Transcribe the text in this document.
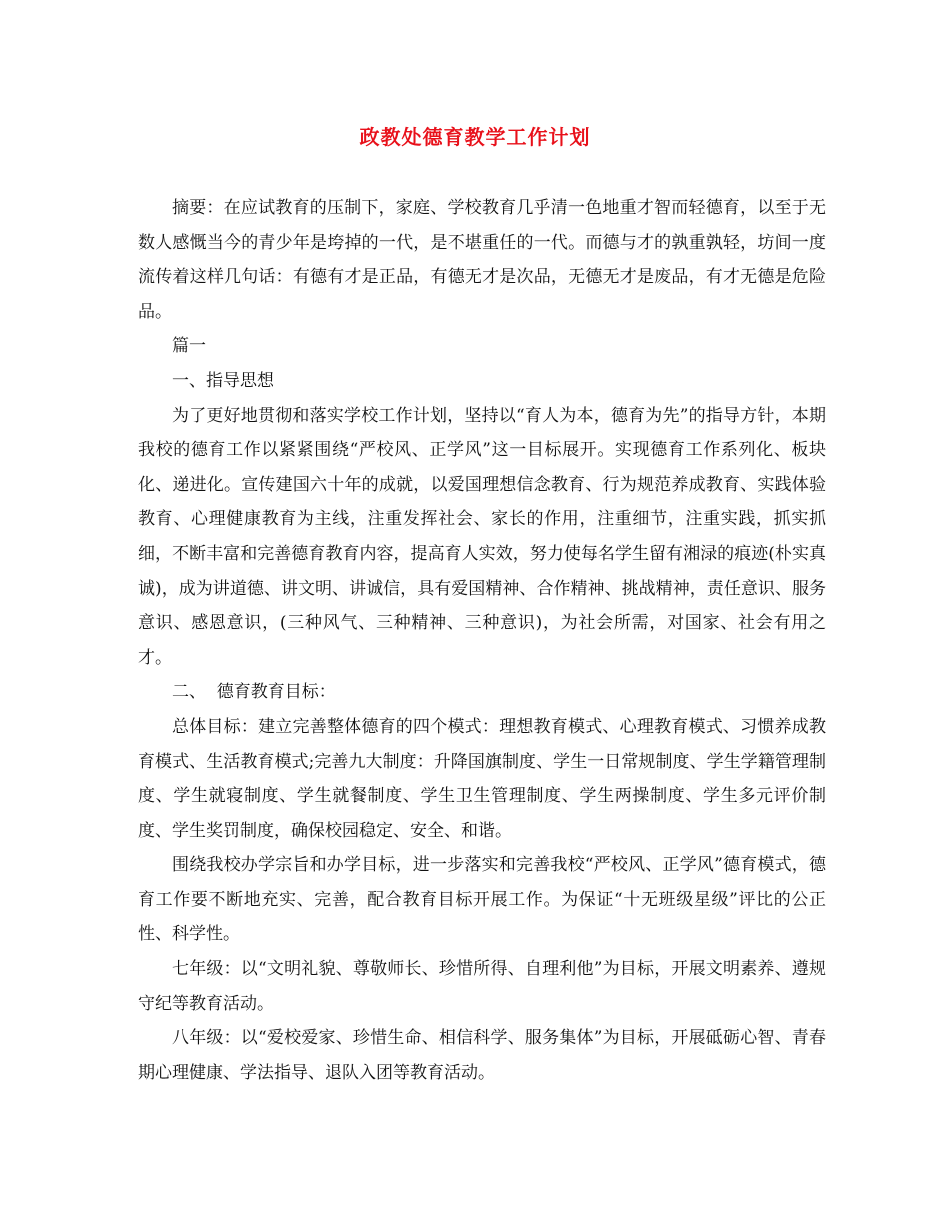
政教处德育教学工作计划

摘要：在应试教育的压制下，家庭、学校教育几乎清一色地重才智而轻德育，以至于无数人感慨当今的青少年是垮掉的一代，是不堪重任的一代。而德与才的孰重孰轻，坊间一度流传着这样几句话：有德有才是正品，有德无才是次品，无德无才是废品，有才无德是危险品。

篇一

一、指导思想

为了更好地贯彻和落实学校工作计划，坚持以“育人为本，德育为先”的指导方针，本期我校的德育工作以紧紧围绕“严校风、正学风”这一目标展开。实现德育工作系列化、板块化、递进化。宣传建国六十年的成就，以爱国理想信念教育、行为规范养成教育、实践体验教育、心理健康教育为主线，注重发挥社会、家长的作用，注重细节，注重实践，抓实抓细，不断丰富和完善德育教育内容，提高育人实效，努力使每名学生留有湘渌的痕迹(朴实真诚)，成为讲道德、讲文明、讲诚信，具有爱国精神、合作精神、挑战精神，责任意识、服务意识、感恩意识，(三种风气、三种精神、三种意识)，为社会所需，对国家、社会有用之才。

二、  德育教育目标：

总体目标：建立完善整体德育的四个模式：理想教育模式、心理教育模式、习惯养成教育模式、生活教育模式;完善九大制度：升降国旗制度、学生一日常规制度、学生学籍管理制度、学生就寝制度、学生就餐制度、学生卫生管理制度、学生两操制度、学生多元评价制度、学生奖罚制度，确保校园稳定、安全、和谐。

围绕我校办学宗旨和办学目标，进一步落实和完善我校“严校风、正学风”德育模式，德育工作要不断地充实、完善，配合教育目标开展工作。为保证“十无班级星级”评比的公正性、科学性。

七年级：以“文明礼貌、尊敬师长、珍惜所得、自理利他”为目标，开展文明素养、遵规守纪等教育活动。

八年级：以“爱校爱家、珍惜生命、相信科学、服务集体”为目标，开展砥砺心智、青春期心理健康、学法指导、退队入团等教育活动。
